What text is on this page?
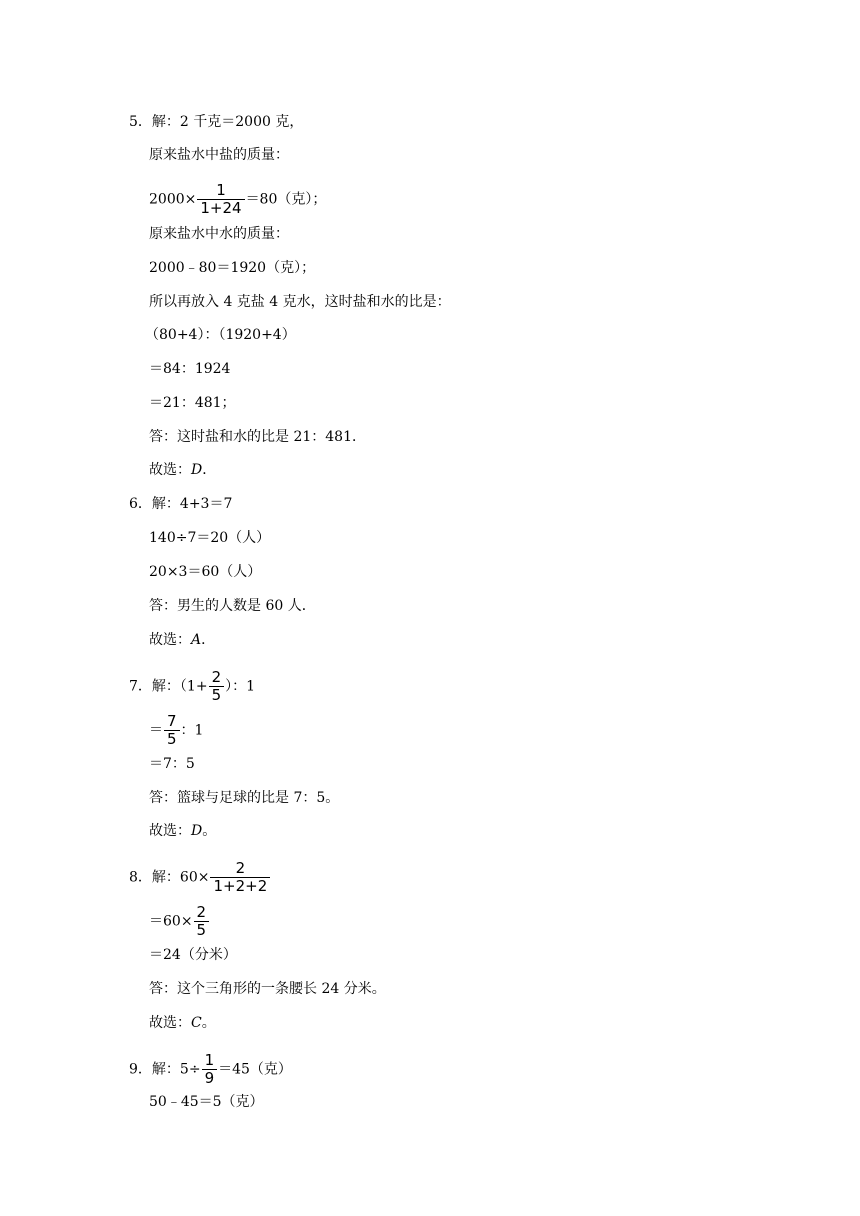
5．解：2 千克＝2000 克，
原来盐水中盐的质量：
$2000\times \frac{1}{1+24} =80$（克）；
原来盐水中水的质量：
2000﹣80＝1920（克）；
所以再放入 4 克盐 4 克水，这时盐和水的比是：
（80+4）：（1920+4）
＝84：1924
＝21：481；
答：这时盐和水的比是 21：481．
故选：D．
6．解：4+3＝7
140÷7＝20（人）
20×3＝60（人）
答：男生的人数是 60 人．
故选：A．
7．解：（$1+ \frac{2}{5}$ ）：1
＝ $\frac{7}{5}$ ：1
＝7：5
答：篮球与足球的比是 7：5。
故选：D。
8．解：$60\times \frac{2}{1+2+2}$
$=60\times \frac{2}{5}$
＝24（分米）
答：这个三角形的一条腰长 24 分米。
故选：C。
9．解：$5\div \frac{1}{9} =45$（克）
50﹣45＝5（克）
